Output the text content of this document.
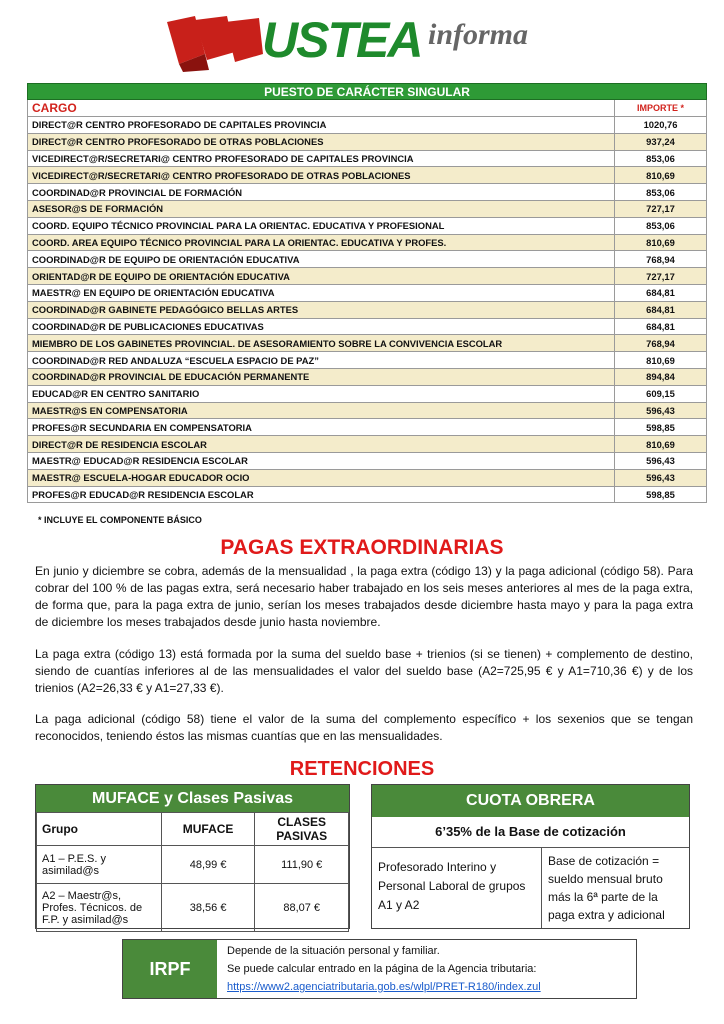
USTEA informa
PUESTO DE CARÁCTER SINGULAR	
CARGO	IMPORTE *
DIRECT@R CENTRO PROFESORADO DE CAPITALES PROVINCIA	1020,76
DIRECT@R CENTRO PROFESORADO DE OTRAS POBLACIONES	937,24
VICEDIRECT@R/SECRETARI@ CENTRO PROFESORADO DE CAPITALES PROVINCIA	853,06
VICEDIRECT@R/SECRETARI@ CENTRO PROFESORADO DE OTRAS POBLACIONES	810,69
COORDINAD@R PROVINCIAL DE FORMACIÓN	853,06
ASESOR@S DE FORMACIÓN	727,17
COORD. EQUIPO TÉCNICO PROVINCIAL PARA LA ORIENTAC. EDUCATIVA Y PROFESIONAL	853,06
COORD. AREA EQUIPO TÉCNICO PROVINCIAL PARA LA ORIENTAC. EDUCATIVA Y PROFES.	810,69
COORDINAD@R DE EQUIPO DE ORIENTACIÓN EDUCATIVA	768,94
ORIENTAD@R DE EQUIPO DE ORIENTACIÓN EDUCATIVA	727,17
MAESTR@ EN EQUIPO DE ORIENTACIÓN EDUCATIVA	684,81
COORDINAD@R GABINETE PEDAGÓGICO BELLAS ARTES	684,81
COORDINAD@R DE PUBLICACIONES EDUCATIVAS	684,81
MIEMBRO DE LOS GABINETES PROVINCIAL. DE ASESORAMIENTO SOBRE LA CONVIVENCIA ESCOLAR	768,94
COORDINAD@R RED ANDALUZA “ESCUELA ESPACIO DE PAZ”	810,69
COORDINAD@R PROVINCIAL DE EDUCACIÓN PERMANENTE	894,84
EDUCAD@R EN CENTRO SANITARIO	609,15
MAESTR@S EN COMPENSATORIA	596,43
PROFES@R SECUNDARIA EN COMPENSATORIA	598,85
DIRECT@R DE RESIDENCIA ESCOLAR	810,69
MAESTR@ EDUCAD@R RESIDENCIA ESCOLAR	596,43
MAESTR@ ESCUELA-HOGAR EDUCADOR OCIO	596,43
PROFES@R EDUCAD@R RESIDENCIA ESCOLAR	598,85
* INCLUYE EL COMPONENTE BÁSICO
PAGAS EXTRAORDINARIAS

En junio y diciembre se cobra, además de la mensualidad , la paga extra (código 13) y la paga adicional (código 58). Para cobrar del 100 % de las pagas extra, será necesario haber trabajado en los seis meses anteriores al mes de la paga extra, de forma que, para la paga extra de junio, serían los meses trabajados desde diciembre hasta mayo y para la paga extra de diciembre los meses trabajados desde junio hasta noviembre.

La paga extra (código 13) está formada por la suma del sueldo base + trienios (si se tienen) + complemento de destino, siendo de cuantías inferiores al de las mensualidades el valor del sueldo base (A2=725,95 € y A1=710,36 €) y de los trienios (A2=26,33 € y A1=27,33 €).

La paga adicional (código 58) tiene el valor de la suma del complemento específico + los sexenios que se tengan reconocidos, teniendo éstos las mismas cuantías que en las mensualidades.

RETENCIONES
MUFACE y Clases Pasivas
Grupo	MUFACE	CLASES PASIVAS
A1 – P.E.S. y asimilad@s	48,99 €	111,90 €
A2 – Maestr@s, Profes. Técnicos. de F.P. y asimilad@s	38,56 €	88,07 €
CUOTA OBRERA
6’35% de la Base de cotización
Profesorado Interino y Personal Laboral de grupos A1 y A2
Base de cotización = sueldo mensual bruto más la 6ª parte de la paga extra y adicional
IRPF
Depende de la situación personal y familiar.
Se puede calcular entrado en la página de la Agencia tributaria:
https://www2.agenciatributaria.gob.es/wlpl/PRET-R180/index.zul
